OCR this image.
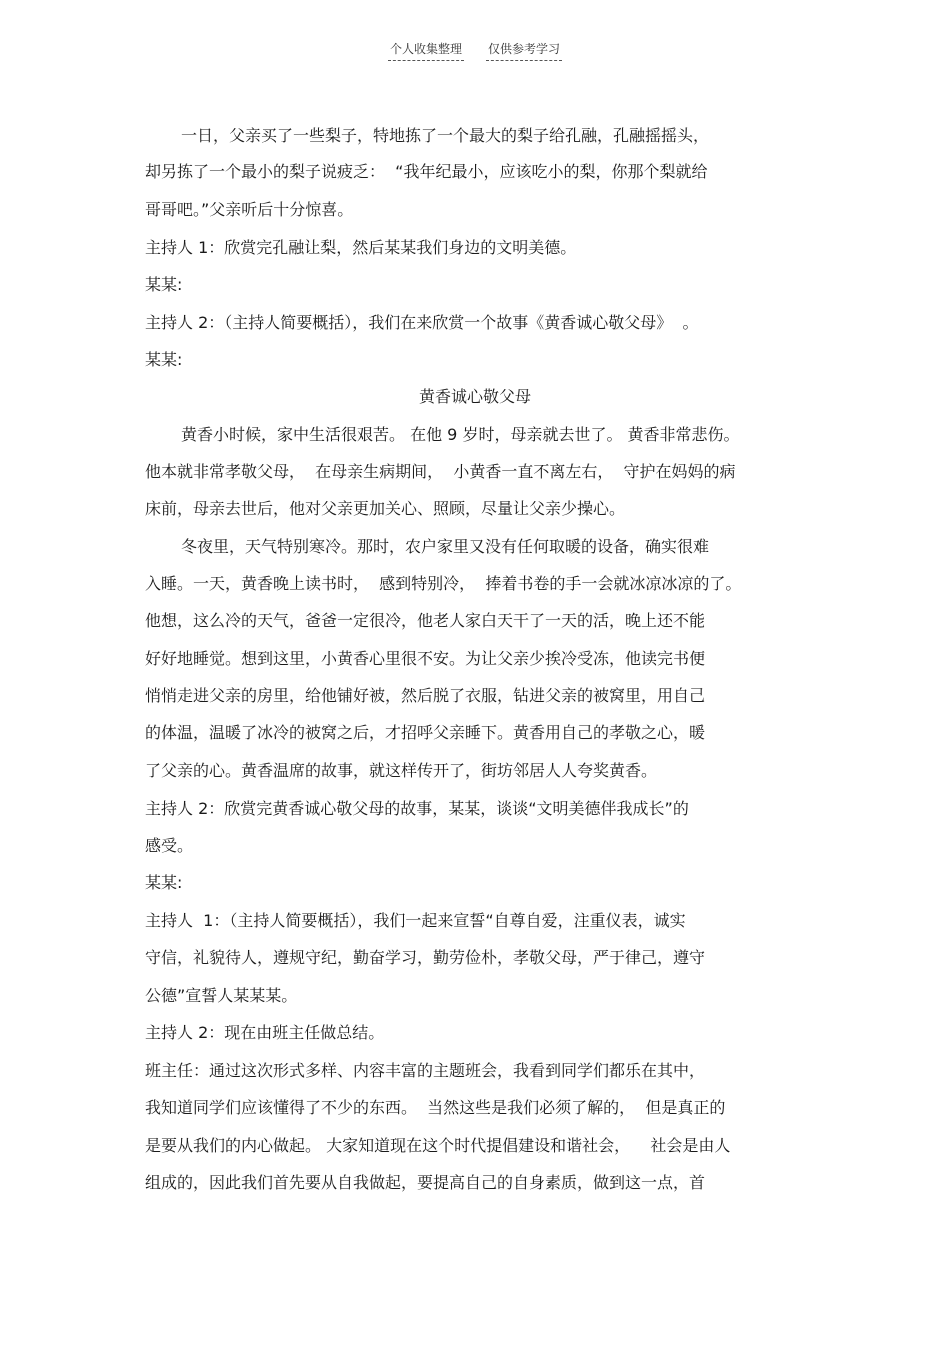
个人收集整理 仅供参考学习
一日，父亲买了一些梨子，特地拣了一个最大的梨子给孔融，孔融摇摇头，
却另拣了一个最小的梨子说疲乏：  “我年纪最小，应该吃小的梨，你那个梨就给
哥哥吧。”父亲听后十分惊喜。
主持人 1：欣赏完孔融让梨，然后某某我们身边的文明美德。
某某:
主持人 2：（主持人简要概括），我们在来欣赏一个故事《黄香诚心敬父母》  。
某某:
黄香诚心敬父母
黄香小时候，家中生活很艰苦。 在他 9 岁时，母亲就去世了。 黄香非常悲伤。
他本就非常孝敬父母，  在母亲生病期间，  小黄香一直不离左右，  守护在妈妈的病
床前，母亲去世后，他对父亲更加关心、照顾，尽量让父亲少操心。
冬夜里，天气特别寒冷。那时，农户家里又没有任何取暖的设备，确实很难
入睡。一天，黄香晚上读书时，  感到特别冷，  捧着书卷的手一会就冰凉冰凉的了。
他想，这么冷的天气，爸爸一定很冷，他老人家白天干了一天的活，晚上还不能
好好地睡觉。想到这里，小黄香心里很不安。为让父亲少挨冷受冻，他读完书便
悄悄走进父亲的房里，给他铺好被，然后脱了衣服，钻进父亲的被窝里，用自己
的体温，温暖了冰冷的被窝之后，才招呼父亲睡下。黄香用自己的孝敬之心，暖
了父亲的心。黄香温席的故事，就这样传开了，街坊邻居人人夸奖黄香。
主持人 2：欣赏完黄香诚心敬父母的故事，某某，谈谈“文明美德伴我成长”的
感受。
某某:
主持人  1：（主持人简要概括），我们一起来宣誓“自尊自爱，注重仪表，诚实
守信，礼貌待人，遵规守纪，勤奋学习，勤劳俭朴，孝敬父母，严于律己，遵守
公德”宣誓人某某某。
主持人 2：现在由班主任做总结。
班主任：通过这次形式多样、内容丰富的主题班会，我看到同学们都乐在其中，
我知道同学们应该懂得了不少的东西。  当然这些是我们必须了解的，  但是真正的
是要从我们的内心做起。 大家知道现在这个时代提倡建设和谐社会，    社会是由人
组成的，因此我们首先要从自我做起，要提高自己的自身素质，做到这一点，首
